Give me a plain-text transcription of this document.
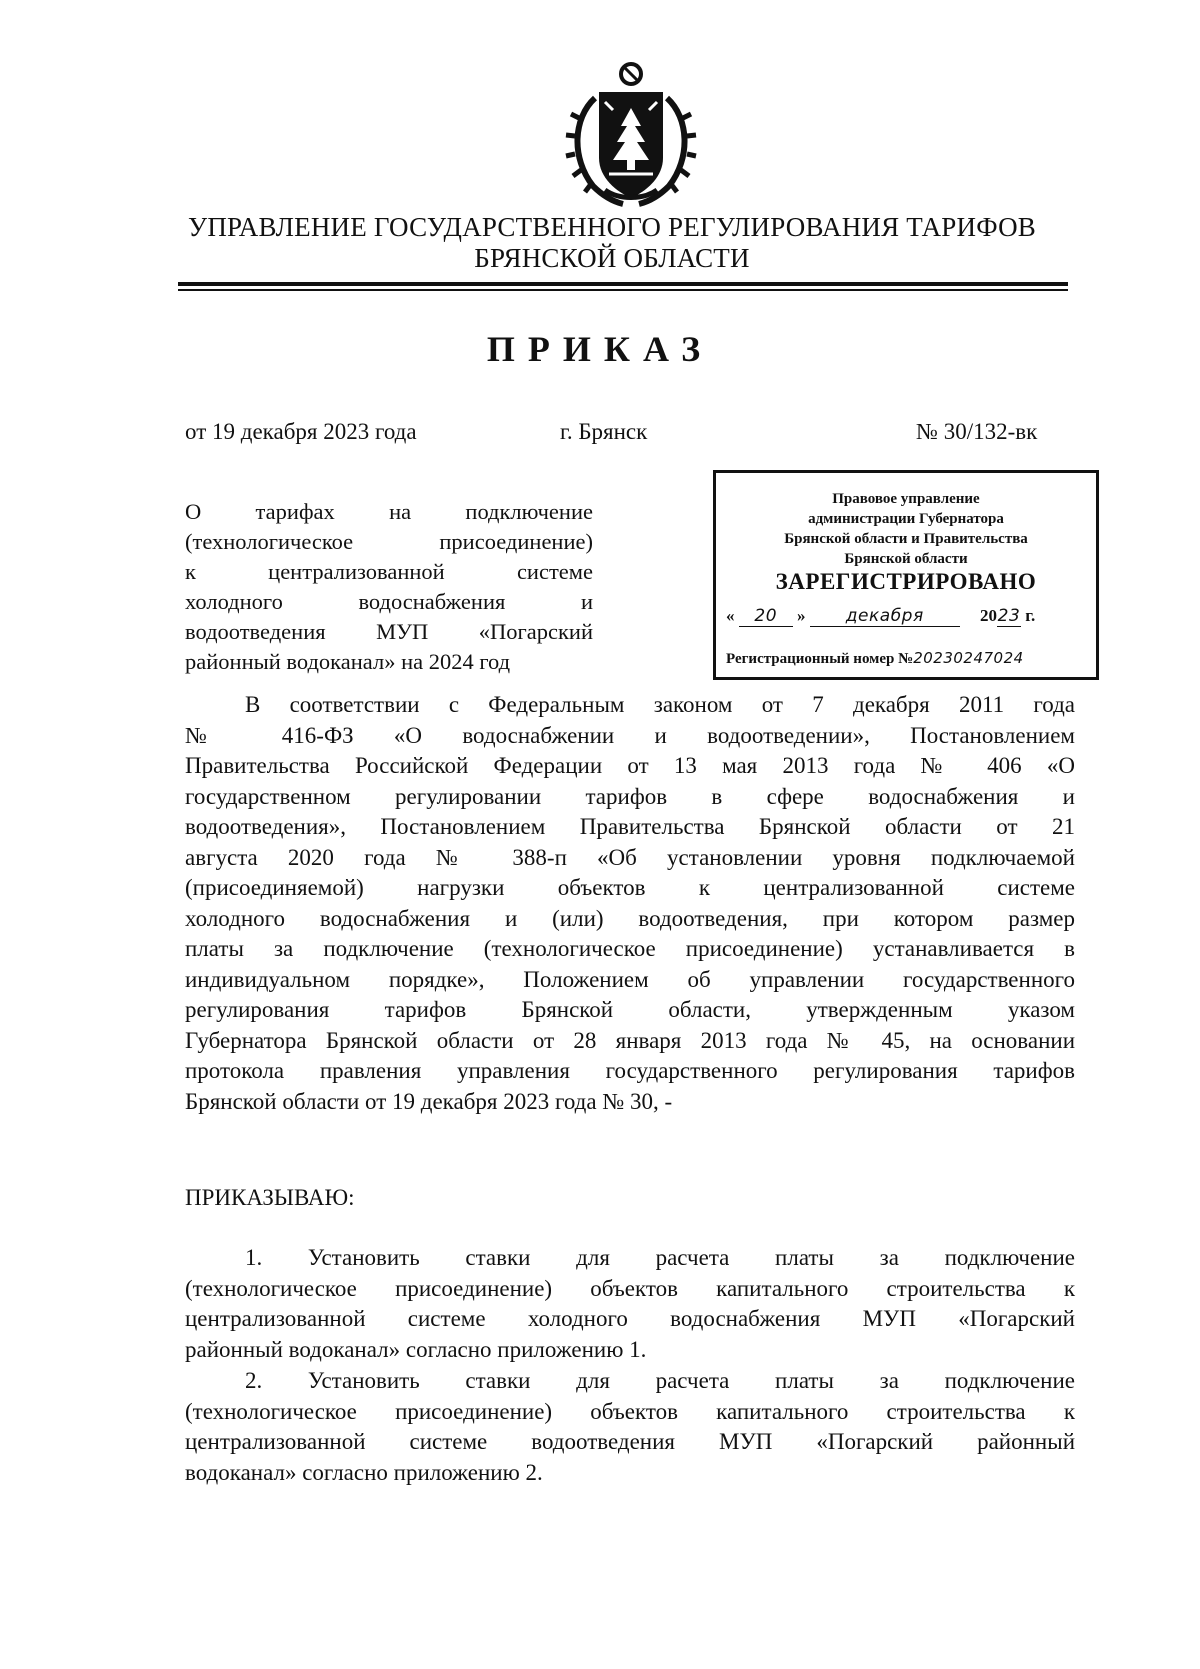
УПРАВЛЕНИЕ ГОСУДАРСТВЕННОГО РЕГУЛИРОВАНИЯ ТАРИФОВ
БРЯНСКОЙ ОБЛАСТИ
ПРИКАЗ
от 19 декабря 2023 года	г. Брянск	№ 30/132-вк
О тарифах на подключение
(технологическое присоединение)
к централизованной системе
холодного водоснабжения и
водоотведения МУП «Погарский
районный водоканал» на 2024 год
Правовое управление
администрации Губернатора
Брянской области и Правительства
Брянской области
ЗАРЕГИСТРИРОВАНО
« 20 » декабря	2023 г.
Регистрационный номер №20230247024
В соответствии с Федеральным законом от 7 декабря 2011 года
№ 416-ФЗ «О водоснабжении и водоотведении», Постановлением
Правительства Российской Федерации от 13 мая 2013 года № 406 «О
государственном регулировании тарифов в сфере водоснабжения и
водоотведения», Постановлением Правительства Брянской области от 21
августа 2020 года № 388-п «Об установлении уровня подключаемой
(присоединяемой) нагрузки объектов к централизованной системе
холодного водоснабжения и (или) водоотведения, при котором размер
платы за подключение (технологическое присоединение) устанавливается в
индивидуальном порядке», Положением об управлении государственного
регулирования тарифов Брянской области, утвержденным указом
Губернатора Брянской области от 28 января 2013 года № 45, на основании
протокола правления управления государственного регулирования тарифов
Брянской области от 19 декабря 2023 года № 30, -
ПРИКАЗЫВАЮ:
1. Установить ставки для расчета платы за подключение
(технологическое присоединение) объектов капитального строительства к
централизованной системе холодного водоснабжения МУП «Погарский
районный водоканал» согласно приложению 1.
2. Установить ставки для расчета платы за подключение
(технологическое присоединение) объектов капитального строительства к
централизованной системе водоотведения МУП «Погарский районный
водоканал» согласно приложению 2.
